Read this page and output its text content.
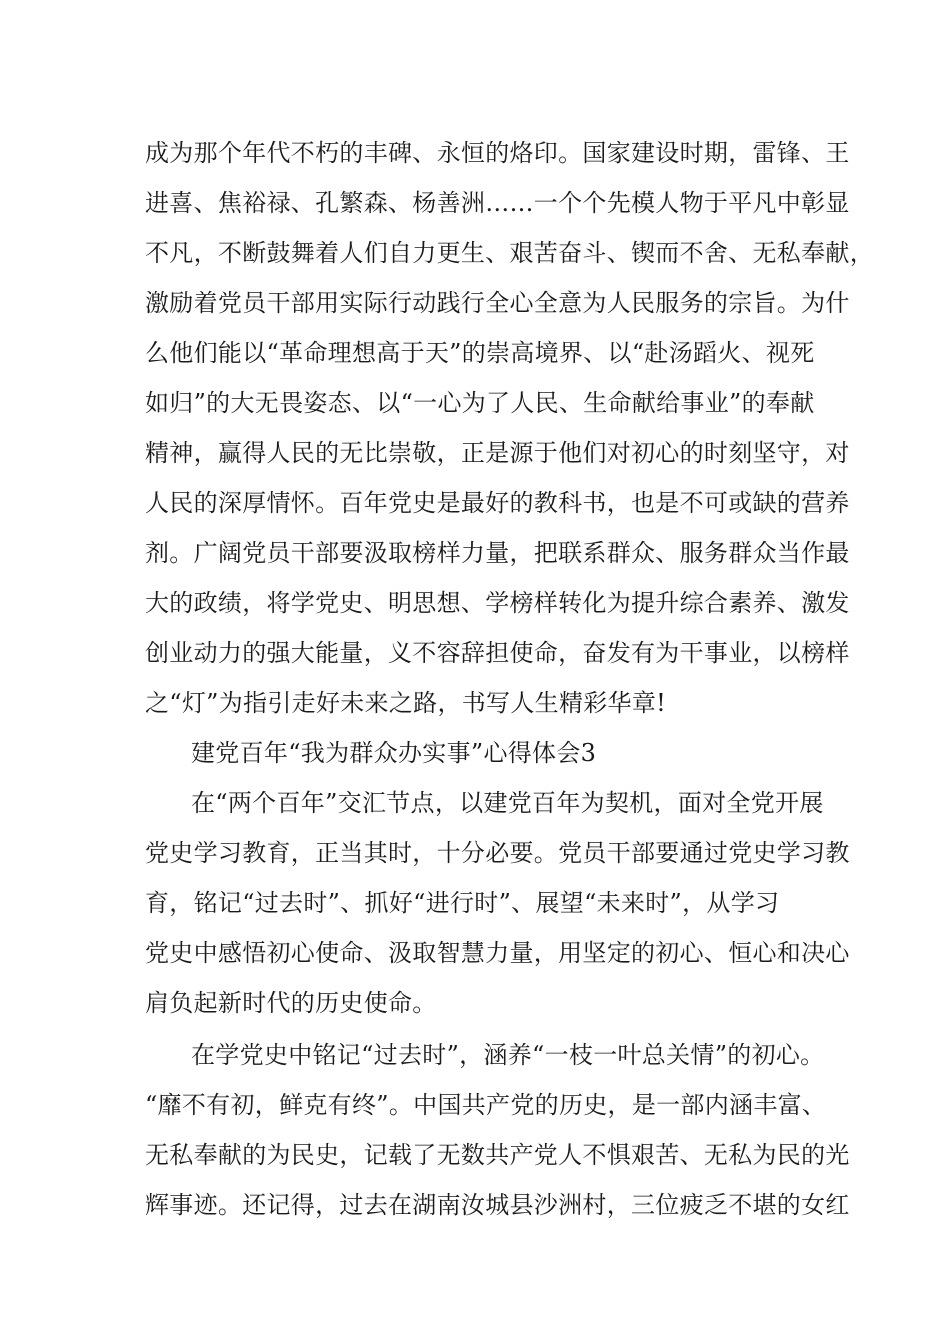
成为那个年代不朽的丰碑、永恒的烙印。国家建设时期，雷锋、王
进喜、焦裕禄、孔繁森、杨善洲……一个个先模人物于平凡中彰显
不凡，不断鼓舞着人们自力更生、艰苦奋斗、锲而不舍、无私奉献，
激励着党员干部用实际行动践行全心全意为人民服务的宗旨。为什
么他们能以“革命理想高于天”的崇高境界、以“赴汤蹈火、视死
如归”的大无畏姿态、以“一心为了人民、生命献给事业”的奉献
精神，赢得人民的无比崇敬，正是源于他们对初心的时刻坚守，对
人民的深厚情怀。百年党史是最好的教科书，也是不可或缺的营养
剂。广阔党员干部要汲取榜样力量，把联系群众、服务群众当作最
大的政绩，将学党史、明思想、学榜样转化为提升综合素养、激发
创业动力的强大能量，义不容辞担使命，奋发有为干事业，以榜样
之“灯”为指引走好未来之路，书写人生精彩华章!
建党百年“我为群众办实事”心得体会3
在“两个百年”交汇节点，以建党百年为契机，面对全党开展
党史学习教育，正当其时，十分必要。党员干部要通过党史学习教
育，铭记“过去时”、抓好“进行时”、展望“未来时”，从学习
党史中感悟初心使命、汲取智慧力量，用坚定的初心、恒心和决心
肩负起新时代的历史使命。
在学党史中铭记“过去时”，涵养“一枝一叶总关情”的初心。
“靡不有初，鲜克有终”。中国共产党的历史，是一部内涵丰富、
无私奉献的为民史，记载了无数共产党人不惧艰苦、无私为民的光
辉事迹。还记得，过去在湖南汝城县沙洲村，三位疲乏不堪的女红
